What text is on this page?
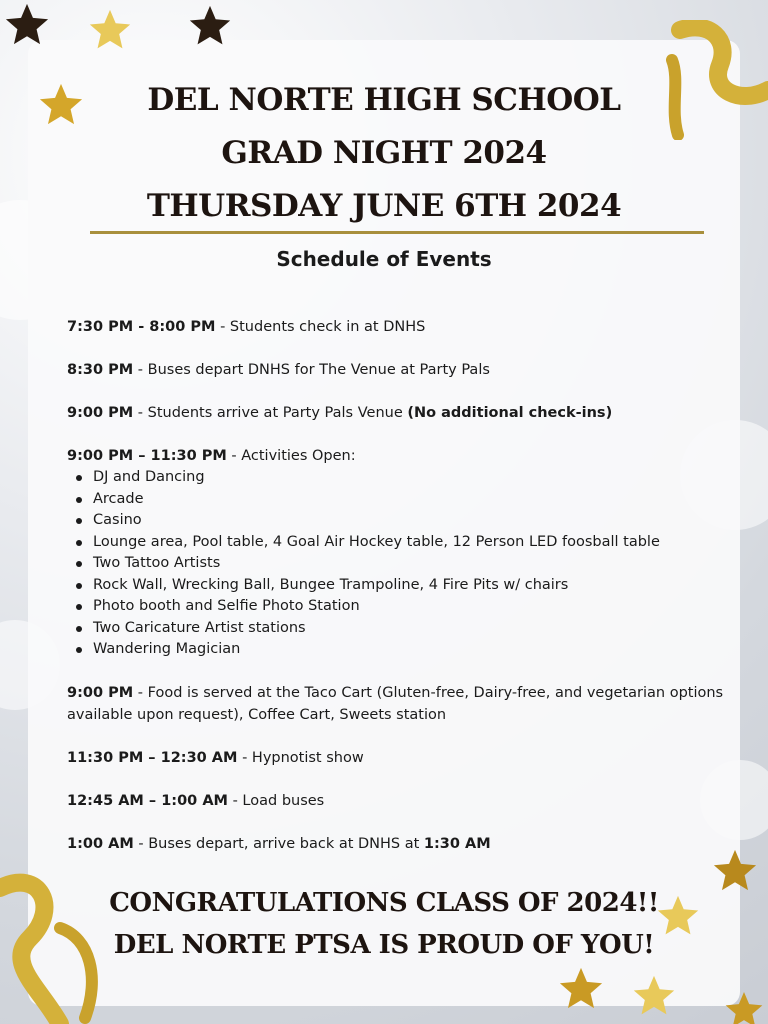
DEL NORTE HIGH SCHOOL
GRAD NIGHT 2024
THURSDAY JUNE 6TH 2024
Schedule of Events
7:30 PM - 8:00 PM - Students check in at DNHS
8:30 PM - Buses depart DNHS for The Venue at Party Pals
9:00 PM - Students arrive at Party Pals Venue (No additional check-ins)
9:00 PM – 11:30 PM - Activities Open:
DJ and Dancing
Arcade
Casino
Lounge area, Pool table, 4 Goal Air Hockey table, 12 Person LED foosball table
Two Tattoo Artists
Rock Wall, Wrecking Ball, Bungee Trampoline, 4 Fire Pits w/ chairs
Photo booth and Selfie Photo Station
Two Caricature Artist stations
Wandering Magician
9:00 PM - Food is served at the Taco Cart (Gluten-free, Dairy-free, and vegetarian options available upon request), Coffee Cart, Sweets station
11:30 PM – 12:30 AM - Hypnotist show
12:45 AM – 1:00 AM - Load buses
1:00 AM - Buses depart, arrive back at DNHS at 1:30 AM
CONGRATULATIONS CLASS OF 2024!!
DEL NORTE PTSA IS PROUD OF YOU!
